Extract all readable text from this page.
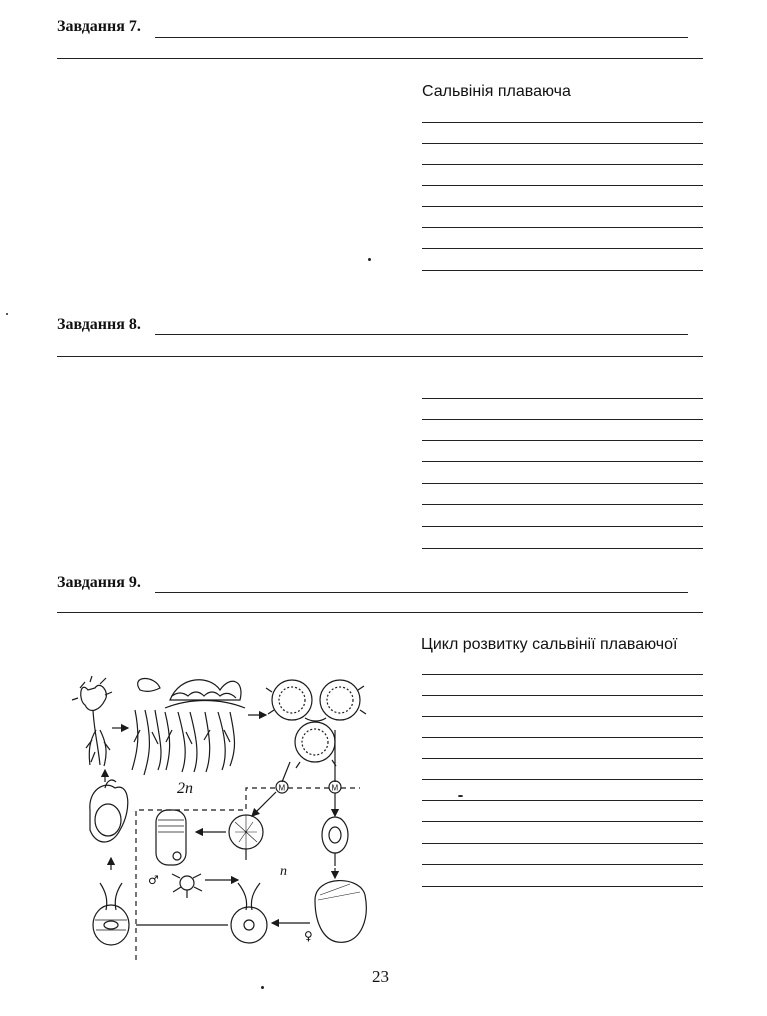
Завдання 7.
Сальвінія плаваюча
Завдання 8.
Завдання 9.
Цикл розвитку сальвінії плаваючої
2n	M	M
♂
n
♀
23
